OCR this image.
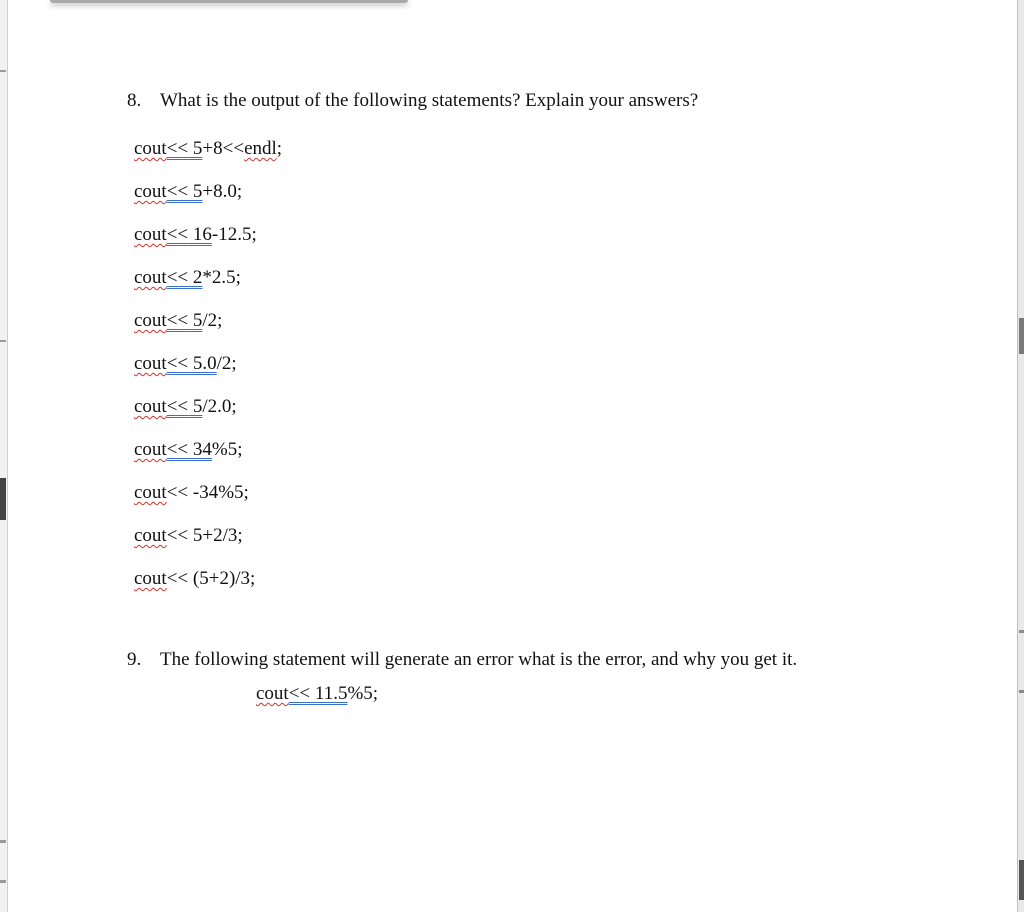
8. What is the output of the following statements? Explain your answers?
cout<< 5+8<<endl;
cout<< 5+8.0;
cout<< 16-12.5;
cout<< 2*2.5;
cout<< 5/2;
cout<< 5.0/2;
cout<< 5/2.0;
cout<< 34%5;
cout<< -34%5;
cout<< 5+2/3;
cout<< (5+2)/3;
9. The following statement will generate an error what is the error, and why you get it.
cout<< 11.5%5;
